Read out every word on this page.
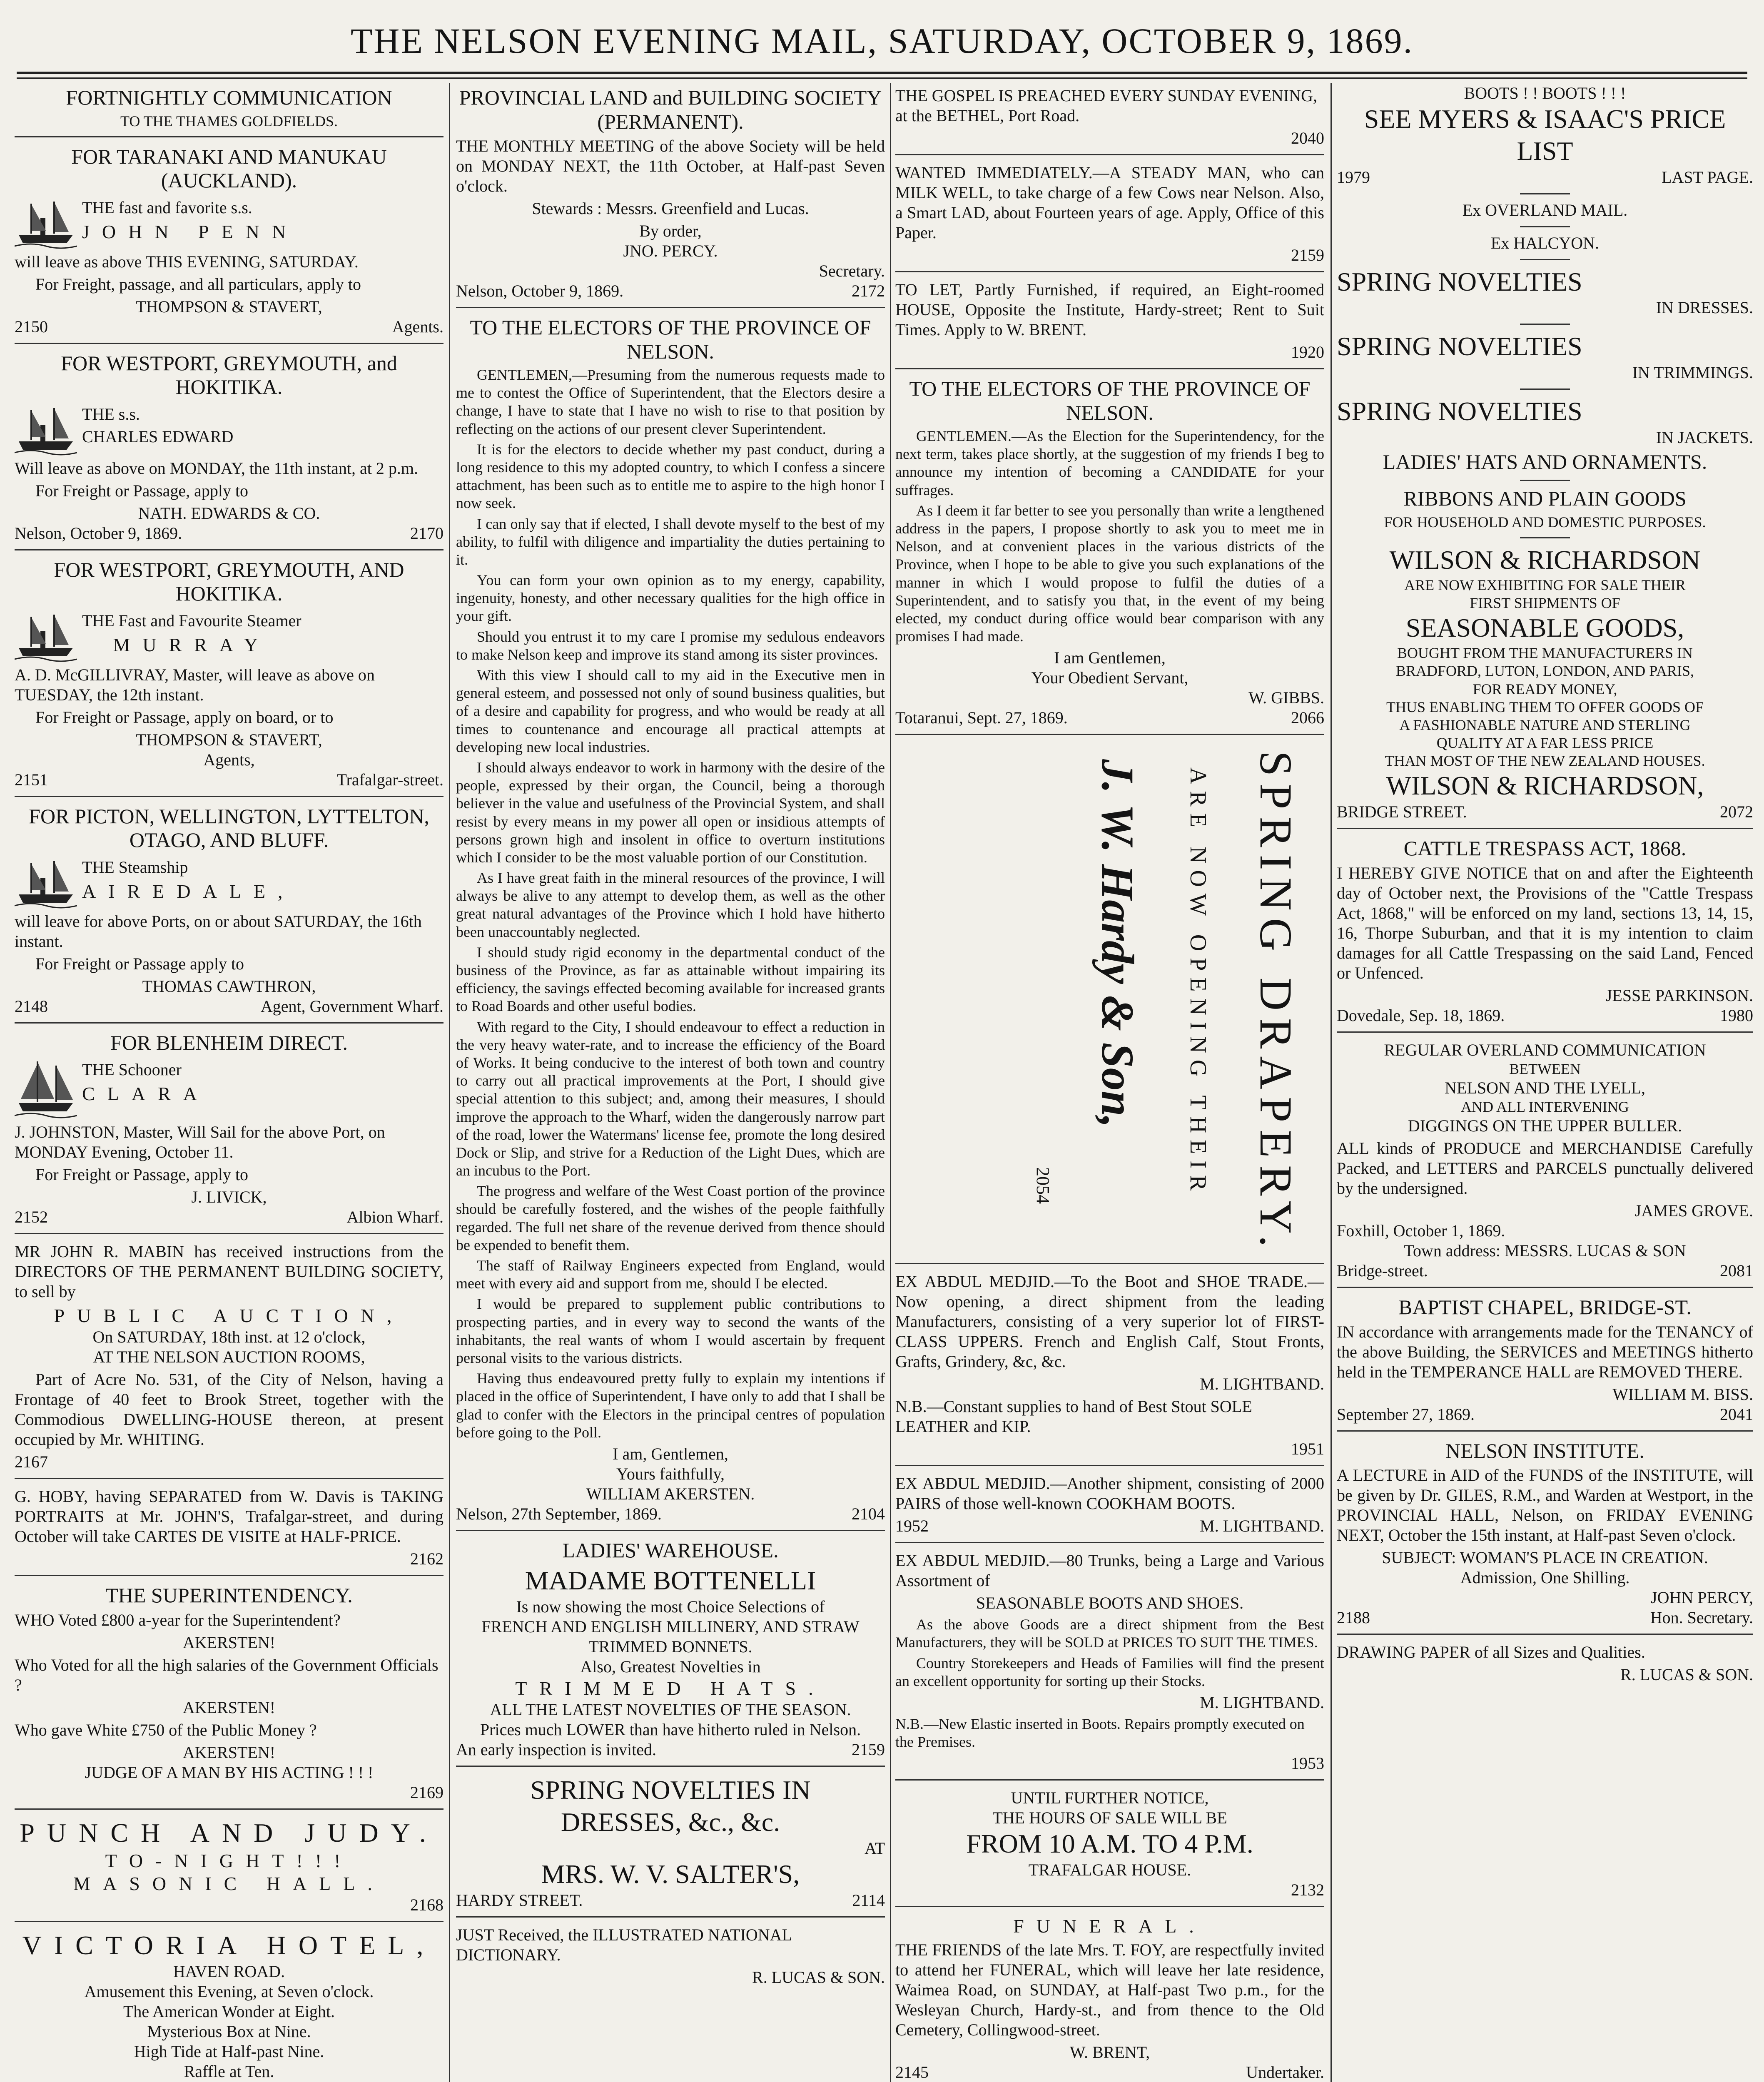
THE NELSON EVENING MAIL, SATURDAY, OCTOBER 9, 1869.
FORTNIGHTLY COMMUNICATION
TO THE THAMES GOLDFIELDS.
FOR TARANAKI AND MANUKAU (AUCKLAND).

THE fast and favorite s.s.

JOHN PENN

will leave as above THIS EVENING, SATURDAY.

For Freight, passage, and all particulars, apply to

THOMPSON & STAVERT,
2150	Agents.
FOR WESTPORT, GREYMOUTH, and HOKITIKA.

THE s.s.

CHARLES EDWARD

Will leave as above on MONDAY, the 11th instant, at 2 p.m.

For Freight or Passage, apply to

NATH. EDWARDS & CO.
Nelson, October 9, 1869.	2170
FOR WESTPORT, GREYMOUTH, AND HOKITIKA.

THE Fast and Favourite Steamer

MURRAY

A. D. McGILLIVRAY, Master, will leave as above on TUESDAY, the 12th instant.

For Freight or Passage, apply on board, or to

THOMPSON & STAVERT,
Agents,
2151	Trafalgar-street.
FOR PICTON, WELLINGTON, LYTTELTON, OTAGO, AND BLUFF.

THE Steamship

AIREDALE,

will leave for above Ports, on or about SATURDAY, the 16th instant.

For Freight or Passage apply to

THOMAS CAWTHRON,
2148	Agent, Government Wharf.
FOR BLENHEIM DIRECT.

THE Schooner

CLARA

J. JOHNSTON, Master, Will Sail for the above Port, on MONDAY Evening, October 11.

For Freight or Passage, apply to

J. LIVICK,
2152	Albion Wharf.

MR JOHN R. MABIN has received instructions from the DIRECTORS OF THE PERMANENT BUILDING SOCIETY, to sell by

PUBLIC AUCTION,
On SATURDAY, 18th inst. at 12 o'clock,
AT THE NELSON AUCTION ROOMS,

Part of Acre No. 531, of the City of Nelson, having a Frontage of 40 feet to Brook Street, together with the Commodious DWELLING-HOUSE thereon, at present occupied by Mr. WHITING.

2167

G. HOBY, having SEPARATED from W. Davis is TAKING PORTRAITS at Mr. JOHN'S, Trafalgar-street, and during October will take CARTES DE VISITE at HALF-PRICE.

2162
THE SUPERINTENDENCY.

WHO Voted £800 a-year for the Superintendent?

AKERSTEN!

Who Voted for all the high salaries of the Government Officials ?

AKERSTEN!

Who gave White £750 of the Public Money ?

AKERSTEN!
JUDGE OF A MAN BY HIS ACTING ! ! !
2169
PUNCH AND JUDY.
TO-NIGHT!!!
MASONIC HALL.
2168
VICTORIA HOTEL,
HAVEN ROAD.
Amusement this Evening, at Seven o'clock.
The American Wonder at Eight.
Mysterious Box at Nine.
High Tide at Half-past Nine.
Raffle at Ten.
PROVINCIAL LAND and BUILDING SOCIETY (PERMANENT).

THE MONTHLY MEETING of the above Society will be held on MONDAY NEXT, the 11th October, at Half-past Seven o'clock.

Stewards : Messrs. Greenfield and Lucas.

By order,
JNO. PERCY.
Secretary.
Nelson, October 9, 1869.	2172
TO THE ELECTORS OF THE PROVINCE OF NELSON.

GENTLEMEN,—Presuming from the numerous requests made to me to contest the Office of Superintendent, that the Electors desire a change, I have to state that I have no wish to rise to that position by reflecting on the actions of our present clever Superintendent.

It is for the electors to decide whether my past conduct, during a long residence to this my adopted country, to which I confess a sincere attachment, has been such as to entitle me to aspire to the high honor I now seek.

I can only say that if elected, I shall devote myself to the best of my ability, to fulfil with diligence and impartiality the duties pertaining to it.

You can form your own opinion as to my energy, capability, ingenuity, honesty, and other necessary qualities for the high office in your gift.

Should you entrust it to my care I promise my sedulous endeavors to make Nelson keep and improve its stand among its sister provinces.

With this view I should call to my aid in the Executive men in general esteem, and possessed not only of sound business qualities, but of a desire and capability for progress, and who would be ready at all times to countenance and encourage all practical attempts at developing new local industries.

I should always endeavor to work in harmony with the desire of the people, expressed by their organ, the Council, being a thorough believer in the value and usefulness of the Provincial System, and shall resist by every means in my power all open or insidious attempts of persons grown high and insolent in office to overturn institutions which I consider to be the most valuable portion of our Constitution.

As I have great faith in the mineral resources of the province, I will always be alive to any attempt to develop them, as well as the other great natural advantages of the Province which I hold have hitherto been unaccountably neglected.

I should study rigid economy in the departmental conduct of the business of the Province, as far as attainable without impairing its efficiency, the savings effected becoming available for increased grants to Road Boards and other useful bodies.

With regard to the City, I should endeavour to effect a reduction in the very heavy water-rate, and to increase the efficiency of the Board of Works. It being conducive to the interest of both town and country to carry out all practical improvements at the Port, I should give special attention to this subject; and, among their measures, I should improve the approach to the Wharf, widen the dangerously narrow part of the road, lower the Watermans' license fee, promote the long desired Dock or Slip, and strive for a Reduction of the Light Dues, which are an incubus to the Port.

The progress and welfare of the West Coast portion of the province should be carefully fostered, and the wishes of the people faithfully regarded. The full net share of the revenue derived from thence should be expended to benefit them.

The staff of Railway Engineers expected from England, would meet with every aid and support from me, should I be elected.

I would be prepared to supplement public contributions to prospecting parties, and in every way to second the wants of the inhabitants, the real wants of whom I would ascertain by frequent personal visits to the various districts.

Having thus endeavoured pretty fully to explain my intentions if placed in the office of Superintendent, I have only to add that I shall be glad to confer with the Electors in the principal centres of population before going to the Poll.

I am, Gentlemen,
Yours faithfully,
WILLIAM AKERSTEN.
Nelson, 27th September, 1869.	2104
LADIES' WAREHOUSE.
MADAME BOTTENELLI
Is now showing the most Choice Selections of
FRENCH AND ENGLISH MILLINERY, AND STRAW TRIMMED BONNETS.
Also, Greatest Novelties in
TRIMMED HATS.
ALL THE LATEST NOVELTIES OF THE SEASON.
Prices much LOWER than have hitherto ruled in Nelson.
An early inspection is invited.	2159
SPRING NOVELTIES IN
DRESSES, &c., &c.
AT
MRS. W. V. SALTER'S,
HARDY STREET.	2114

JUST Received, the ILLUSTRATED NATIONAL DICTIONARY.

R. LUCAS & SON.

THE GOSPEL IS PREACHED EVERY SUNDAY EVENING, at the BETHEL, Port Road.

2040

WANTED IMMEDIATELY.—A STEADY MAN, who can MILK WELL, to take charge of a few Cows near Nelson. Also, a Smart LAD, about Fourteen years of age. Apply, Office of this Paper.

2159

TO LET, Partly Furnished, if required, an Eight-roomed HOUSE, Opposite the Institute, Hardy-street; Rent to Suit Times. Apply to W. BRENT.

1920
TO THE ELECTORS OF THE PROVINCE OF NELSON.

GENTLEMEN.—As the Election for the Superintendency, for the next term, takes place shortly, at the suggestion of my friends I beg to announce my intention of becoming a CANDIDATE for your suffrages.

As I deem it far better to see you personally than write a lengthened address in the papers, I propose shortly to ask you to meet me in Nelson, and at convenient places in the various districts of the Province, when I hope to be able to give you such explanations of the manner in which I would propose to fulfil the duties of a Superintendent, and to satisfy you that, in the event of my being elected, my conduct during office would bear comparison with any promises I had made.

I am Gentlemen,
Your Obedient Servant,
W. GIBBS.
Totaranui, Sept. 27, 1869.	2066
SPRING DRAPERY.
ARE NOW OPENING THEIR
J. W. Hardy & Son,
2054

EX ABDUL MEDJID.—To the Boot and SHOE TRADE.—Now opening, a direct shipment from the leading Manufacturers, consisting of a very superior lot of FIRST-CLASS UPPERS. French and English Calf, Stout Fronts, Grafts, Grindery, &c, &c.

M. LIGHTBAND.

N.B.—Constant supplies to hand of Best Stout SOLE LEATHER and KIP.

1951

EX ABDUL MEDJID.—Another shipment, consisting of 2000 PAIRS of those well-known COOKHAM BOOTS.

1952	M. LIGHTBAND.

EX ABDUL MEDJID.—80 Trunks, being a Large and Various Assortment of

SEASONABLE BOOTS AND SHOES.

As the above Goods are a direct shipment from the Best Manufacturers, they will be SOLD at PRICES TO SUIT THE TIMES.

Country Storekeepers and Heads of Families will find the present an excellent opportunity for sorting up their Stocks.

M. LIGHTBAND.

N.B.—New Elastic inserted in Boots. Repairs promptly executed on the Premises.

1953
UNTIL FURTHER NOTICE,
THE HOURS OF SALE WILL BE
FROM 10 A.M. TO 4 P.M.
TRAFALGAR HOUSE.
2132
FUNERAL.

THE FRIENDS of the late Mrs. T. FOY, are respectfully invited to attend her FUNERAL, which will leave her late residence, Waimea Road, on SUNDAY, at Half-past Two p.m., for the Wesleyan Church, Hardy-st., and from thence to the Old Cemetery, Collingwood-street.

W. BRENT,
2145	Undertaker.

BOOTS ! ! BOOTS ! ! !
SEE MYERS & ISAAC'S PRICE LIST
1979	LAST PAGE.
Ex OVERLAND MAIL.
Ex HALCYON.
SPRING NOVELTIES
IN DRESSES.
SPRING NOVELTIES
IN TRIMMINGS.
SPRING NOVELTIES
IN JACKETS.
LADIES' HATS AND ORNAMENTS.
RIBBONS AND PLAIN GOODS
FOR HOUSEHOLD AND DOMESTIC PURPOSES.
WILSON & RICHARDSON
ARE NOW EXHIBITING FOR SALE THEIR
FIRST SHIPMENTS OF
SEASONABLE GOODS,
BOUGHT FROM THE MANUFACTURERS IN
BRADFORD, LUTON, LONDON, AND PARIS,
FOR READY MONEY,
THUS ENABLING THEM TO OFFER GOODS OF
A FASHIONABLE NATURE AND STERLING
QUALITY AT A FAR LESS PRICE
THAN MOST OF THE NEW ZEALAND HOUSES.
WILSON & RICHARDSON,
BRIDGE STREET.	2072
CATTLE TRESPASS ACT, 1868.

I HEREBY GIVE NOTICE that on and after the Eighteenth day of October next, the Provisions of the "Cattle Trespass Act, 1868," will be enforced on my land, sections 13, 14, 15, 16, Thorpe Suburban, and that it is my intention to claim damages for all Cattle Trespassing on the said Land, Fenced or Unfenced.

JESSE PARKINSON.
Dovedale, Sep. 18, 1869.	1980
REGULAR OVERLAND COMMUNICATION
BETWEEN
NELSON AND THE LYELL,
AND ALL INTERVENING
DIGGINGS ON THE UPPER BULLER.

ALL kinds of PRODUCE and MERCHANDISE Carefully Packed, and LETTERS and PARCELS punctually delivered by the undersigned.

JAMES GROVE.
Foxhill, October 1, 1869.
Town address: MESSRS. LUCAS & SON
Bridge-street.	2081
BAPTIST CHAPEL, BRIDGE-ST.

IN accordance with arrangements made for the TENANCY of the above Building, the SERVICES and MEETINGS hitherto held in the TEMPERANCE HALL are REMOVED THERE.

WILLIAM M. BISS.
September 27, 1869.	2041
NELSON INSTITUTE.

A LECTURE in AID of the FUNDS of the INSTITUTE, will be given by Dr. GILES, R.M., and Warden at Westport, in the PROVINCIAL HALL, Nelson, on FRIDAY EVENING NEXT, October the 15th instant, at Half-past Seven o'clock.

SUBJECT: WOMAN'S PLACE IN CREATION.
Admission, One Shilling.
JOHN PERCY,
2188	Hon. Secretary.

DRAWING PAPER of all Sizes and Qualities.

R. LUCAS & SON.
